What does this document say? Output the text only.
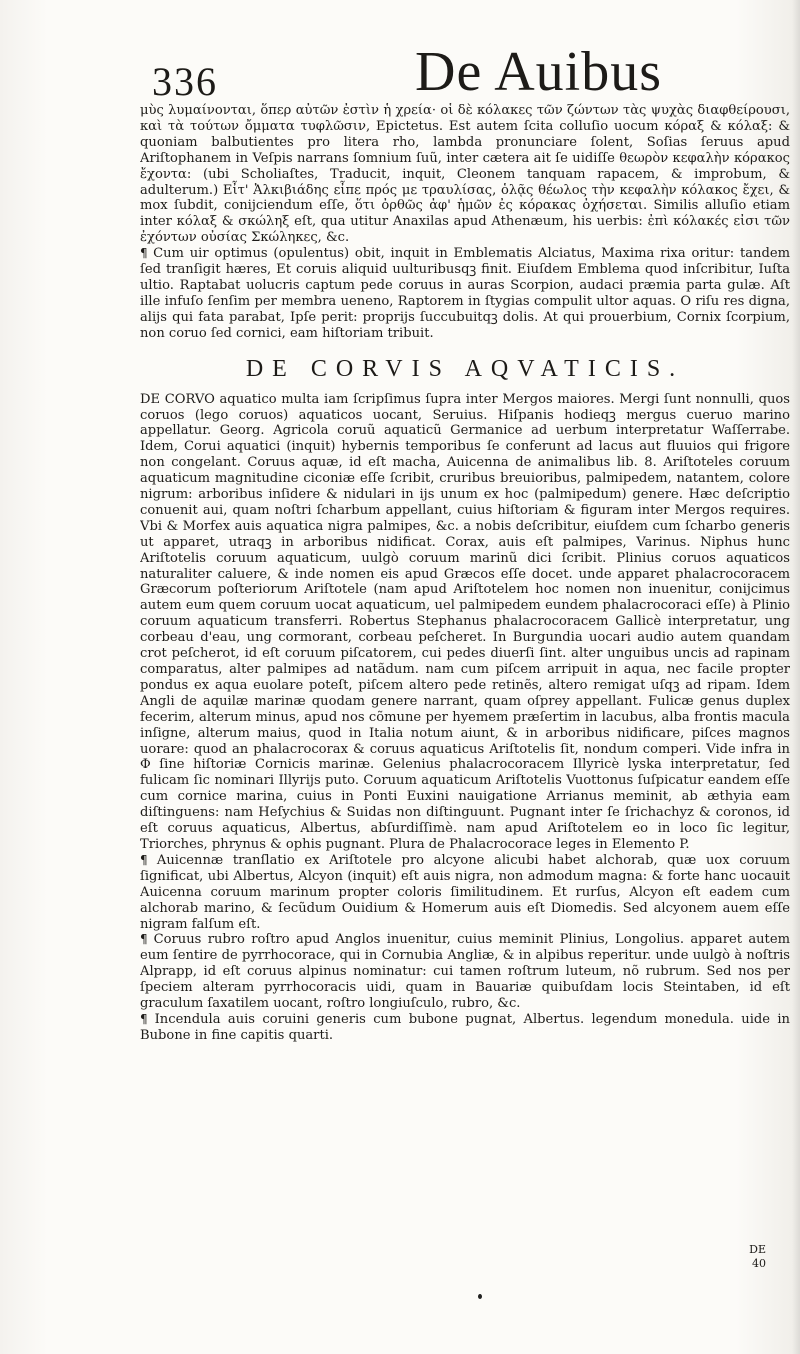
336	De Auibus

μὺς λυμαίνονται, ὅπερ αὐτῶν ἐστὶν ἡ χρεία· οἱ δὲ κόλακες τῶν ζώντων τὰς ψυχὰς διαφθείρουσι, καὶ τὰ τούτων ὄμματα τυφλῶσιν, Epictetus. Est autem ſcita colluſio uocum κόραξ & κόλαξ: & quoniam balbutientes pro litera rho, lambda pronunciare ſolent, Soſias ſeruus apud Ariſtophanem in Veſpis narrans ſomnium ſuũ, inter cætera ait ſe uidiſſe θεωρὸν κεφαλὴν κόρακος ἔχοντα: (ubi Scholiaſtes, Traducit, inquit, Cleonem tanquam rapacem, & improbum, & adulterum.) Εἶτ' Ἀλκιβιάδης εἶπε πρός με τραυλίσας, ὁλᾷς θέωλος τὴν κεφαλὴν κόλακος ἔχει, & mox ſubdit, conijciendum eſſe, ὅτι ὀρθῶς ἀφ' ἡμῶν ἐς κόρακας ὀχήσεται. Similis alluſio etiam inter κόλαξ & σκώληξ eſt, qua utitur Anaxilas apud Athenæum, his uerbis: ἐπὶ κόλακές εἰσι τῶν ἐχόντων οὐσίας Σκώληκες, &c.

¶ Cum uir optimus (opulentus) obit, inquit in Emblematis Alciatus, Maxima rixa oritur: tandem ſed tranſigit hæres, Et coruis aliquid uulturibusqꝫ finit. Eiuſdem Emblema quod inſcribitur, Iuſta ultio. Raptabat uolucris captum pede coruus in auras Scorpion, audaci præmia parta gulæ. Aſt ille infuſo ſenſim per membra ueneno, Raptorem in ſtygias compulit ultor aquas. O riſu res digna, alijs qui fata parabat, Ipſe perit: proprijs ſuccubuitqꝫ dolis. At qui prouerbium, Cornix ſcorpium, non coruo ſed cornici, eam hiſtoriam tribuit.

DE CORVIS AQVATICIS.

DE CORVO aquatico multa iam ſcripſimus ſupra inter Mergos maiores. Mergi ſunt nonnulli, quos coruos (lego coruos) aquaticos uocant, Seruius. Hiſpanis hodieqꝫ mergus cueruo marino appellatur. Georg. Agricola coruũ aquaticũ Germanice ad uerbum interpretatur Waſſerrabe. Idem, Corui aquatici (inquit) hybernis temporibus ſe conferunt ad lacus aut fluuios qui frigore non congelant. Coruus aquæ, id eſt macha, Auicenna de animalibus lib. 8. Ariſtoteles coruum aquaticum magnitudine ciconiæ eſſe ſcribit, cruribus breuioribus, palmipedem, natantem, colore nigrum: arboribus inſidere & nidulari in ijs unum ex hoc (palmipedum) genere. Hæc deſcriptio conuenit aui, quam noſtri ſcharbum appellant, cuius hiſtoriam & figuram inter Mergos requires. Vbi & Morfex auis aquatica nigra palmipes, &c. a nobis deſcribitur, eiuſdem cum ſcharbo generis ut apparet, utraqꝫ in arboribus nidificat. Corax, auis eſt palmipes, Varinus. Niphus hunc Ariſtotelis coruum aquaticum, uulgò coruum marinũ dici ſcribit. Plinius coruos aquaticos naturaliter caluere, & inde nomen eis apud Græcos eſſe docet. unde apparet phalacrocoracem Græcorum poſteriorum Ariſtotele (nam apud Ariſtotelem hoc nomen non inuenitur, conijcimus autem eum quem coruum uocat aquaticum, uel palmipedem eundem phalacrocoraci eſſe) à Plinio coruum aquaticum transferri. Robertus Stephanus phalacrocoracem Gallicè interpretatur, ung corbeau d'eau, ung cormorant, corbeau peſcheret. In Burgundia uocari audio autem quandam crot peſcherot, id eſt coruum piſcatorem, cui pedes diuerſi ſint. alter unguibus uncis ad rapinam comparatus, alter palmipes ad natãdum. nam cum piſcem arripuit in aqua, nec facile propter pondus ex aqua euolare poteſt, piſcem altero pede retinẽs, altero remigat uſqꝫ ad ripam. Idem Angli de aquilæ marinæ quodam genere narrant, quam oſprey appellant. Fulicæ genus duplex fecerim, alterum minus, apud nos cõmune per hyemem præſertim in lacubus, alba frontis macula inſigne, alterum maius, quod in Italia notum aiunt, & in arboribus nidificare, piſces magnos uorare: quod an phalacrocorax & coruus aquaticus Ariſtotelis ſit, nondum comperi. Vide infra in Φ ſine hiſtoriæ Cornicis marinæ. Gelenius phalacrocoracem Illyricè lyska interpretatur, ſed fulicam ſic nominari Illyrijs puto. Coruum aquaticum Ariſtotelis Vuottonus ſuſpicatur eandem eſſe cum cornice marina, cuius in Ponti Euxini nauigatione Arrianus meminit, ab æthyia eam diſtinguens: nam Heſychius & Suidas non diſtinguunt. Pugnant inter ſe ſrichachyz & coronos, id eſt coruus aquaticus, Albertus, abſurdiſſimè. nam apud Ariſtotelem eo in loco ſic legitur, Triorches, phrynus & ophis pugnant. Plura de Phalacrocorace leges in Elemento P.

¶ Auicennæ tranſlatio ex Ariſtotele pro alcyone alicubi habet alchorab, quæ uox coruum ſignificat, ubi Albertus, Alcyon (inquit) eſt auis nigra, non admodum magna: & forte hanc uocauit Auicenna coruum marinum propter coloris ſimilitudinem. Et rurſus, Alcyon eſt eadem cum alchorab marino, & ſecũdum Ouidium & Homerum auis eſt Diomedis. Sed alcyonem auem eſſe nigram falſum eſt.

¶ Coruus rubro roſtro apud Anglos inuenitur, cuius meminit Plinius, Longolius. apparet autem eum ſentire de pyrrhocorace, qui in Cornubia Angliæ, & in alpibus reperitur. unde uulgò à noſtris Alprapp, id eſt coruus alpinus nominatur: cui tamen roſtrum luteum, nõ rubrum. Sed nos per ſpeciem alteram pyrrhocoracis uidi, quam in Bauariæ quibuſdam locis Steintaben, id eſt graculum ſaxatilem uocant, roſtro longiuſculo, rubro, &c.

¶ Incendula auis coruini generis cum bubone pugnat, Albertus. legendum monedula. uide in Bubone in fine capitis quarti.

DE
40
